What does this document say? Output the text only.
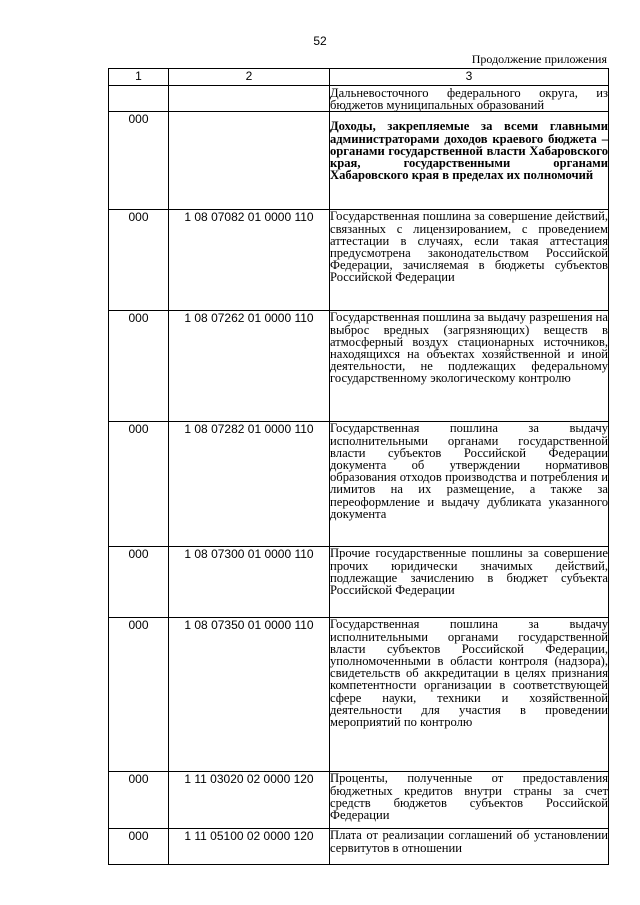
52
Продолжение приложения
1	2	3
		Дальневосточного федерального округа, из бюджетов муниципальных образований
000		Доходы, закрепляемые за всеми главными администраторами доходов краевого бюджета – органами государственной власти Хабаровского края, государственными органами Хабаровского края в пределах их полномочий
000	1 08 07082 01 0000 110	Государственная пошлина за совершение действий, связанных с лицензированием, с проведением аттестации в случаях, если такая аттестация предусмотрена законодательством Российской Федерации, зачисляемая в бюджеты субъектов Российской Федерации
000	1 08 07262 01 0000 110	Государственная пошлина за выдачу разрешения на выброс вредных (загрязняющих) веществ в атмосферный воздух стационарных источников, находящихся на объектах хозяйственной и иной деятельности, не подлежащих федеральному государственному экологическому контролю
000	1 08 07282 01 0000 110	Государственная пошлина за выдачу исполнительными органами государственной власти субъектов Российской Федерации документа об утверждении нормативов образования отходов производства и потребления и лимитов на их размещение, а также за переоформление и выдачу дубликата указанного документа
000	1 08 07300 01 0000 110	Прочие государственные пошлины за совершение прочих юридически значимых действий, подлежащие зачислению в бюджет субъекта Российской Федерации
000	1 08 07350 01 0000 110	Государственная пошлина за выдачу исполнительными органами государственной власти субъектов Российской Федерации, уполномоченными в области контроля (надзора), свидетельств об аккредитации в целях признания компетентности организации в соответствующей сфере науки, техники и хозяйственной деятельности для участия в проведении мероприятий по контролю
000	1 11 03020 02 0000 120	Проценты, полученные от предоставления бюджетных кредитов внутри страны за счет средств бюджетов субъектов Российской Федерации
000	1 11 05100 02 0000 120	Плата от реализации соглашений об установлении сервитутов в отношении
